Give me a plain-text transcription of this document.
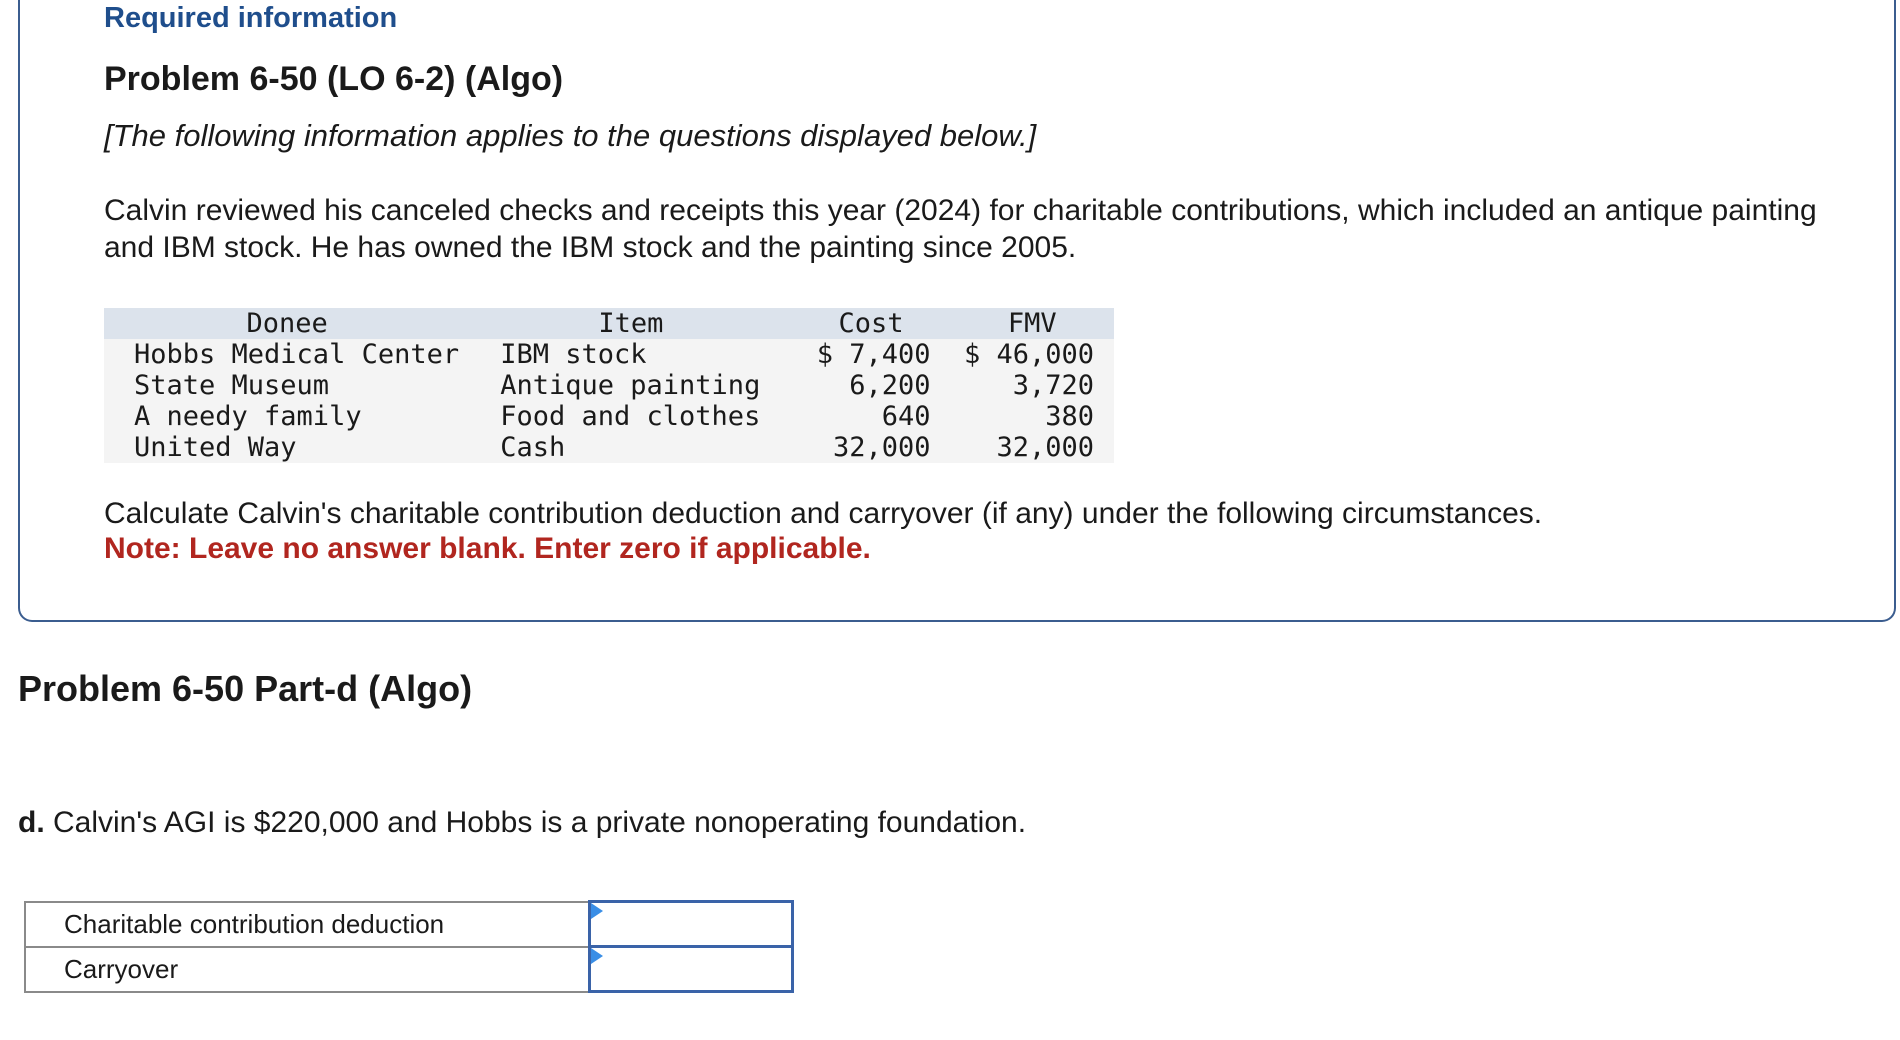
Required information
Problem 6-50 (LO 6-2) (Algo)
[The following information applies to the questions displayed below.]
Calvin reviewed his canceled checks and receipts this year (2024) for charitable contributions, which included an antique painting and IBM stock. He has owned the IBM stock and the painting since 2005.
Donee	Item	Cost	FMV
Hobbs Medical Center	IBM stock	$ 7,400	$ 46,000
State Museum	Antique painting	6,200	3,720
A needy family	Food and clothes	640	380
United Way	Cash	32,000	32,000
Calculate Calvin's charitable contribution deduction and carryover (if any) under the following circumstances.
Note: Leave no answer blank. Enter zero if applicable.
Problem 6-50 Part-d (Algo)
d. Calvin's AGI is $220,000 and Hobbs is a private nonoperating foundation.
Charitable contribution deduction	

Carryover	
